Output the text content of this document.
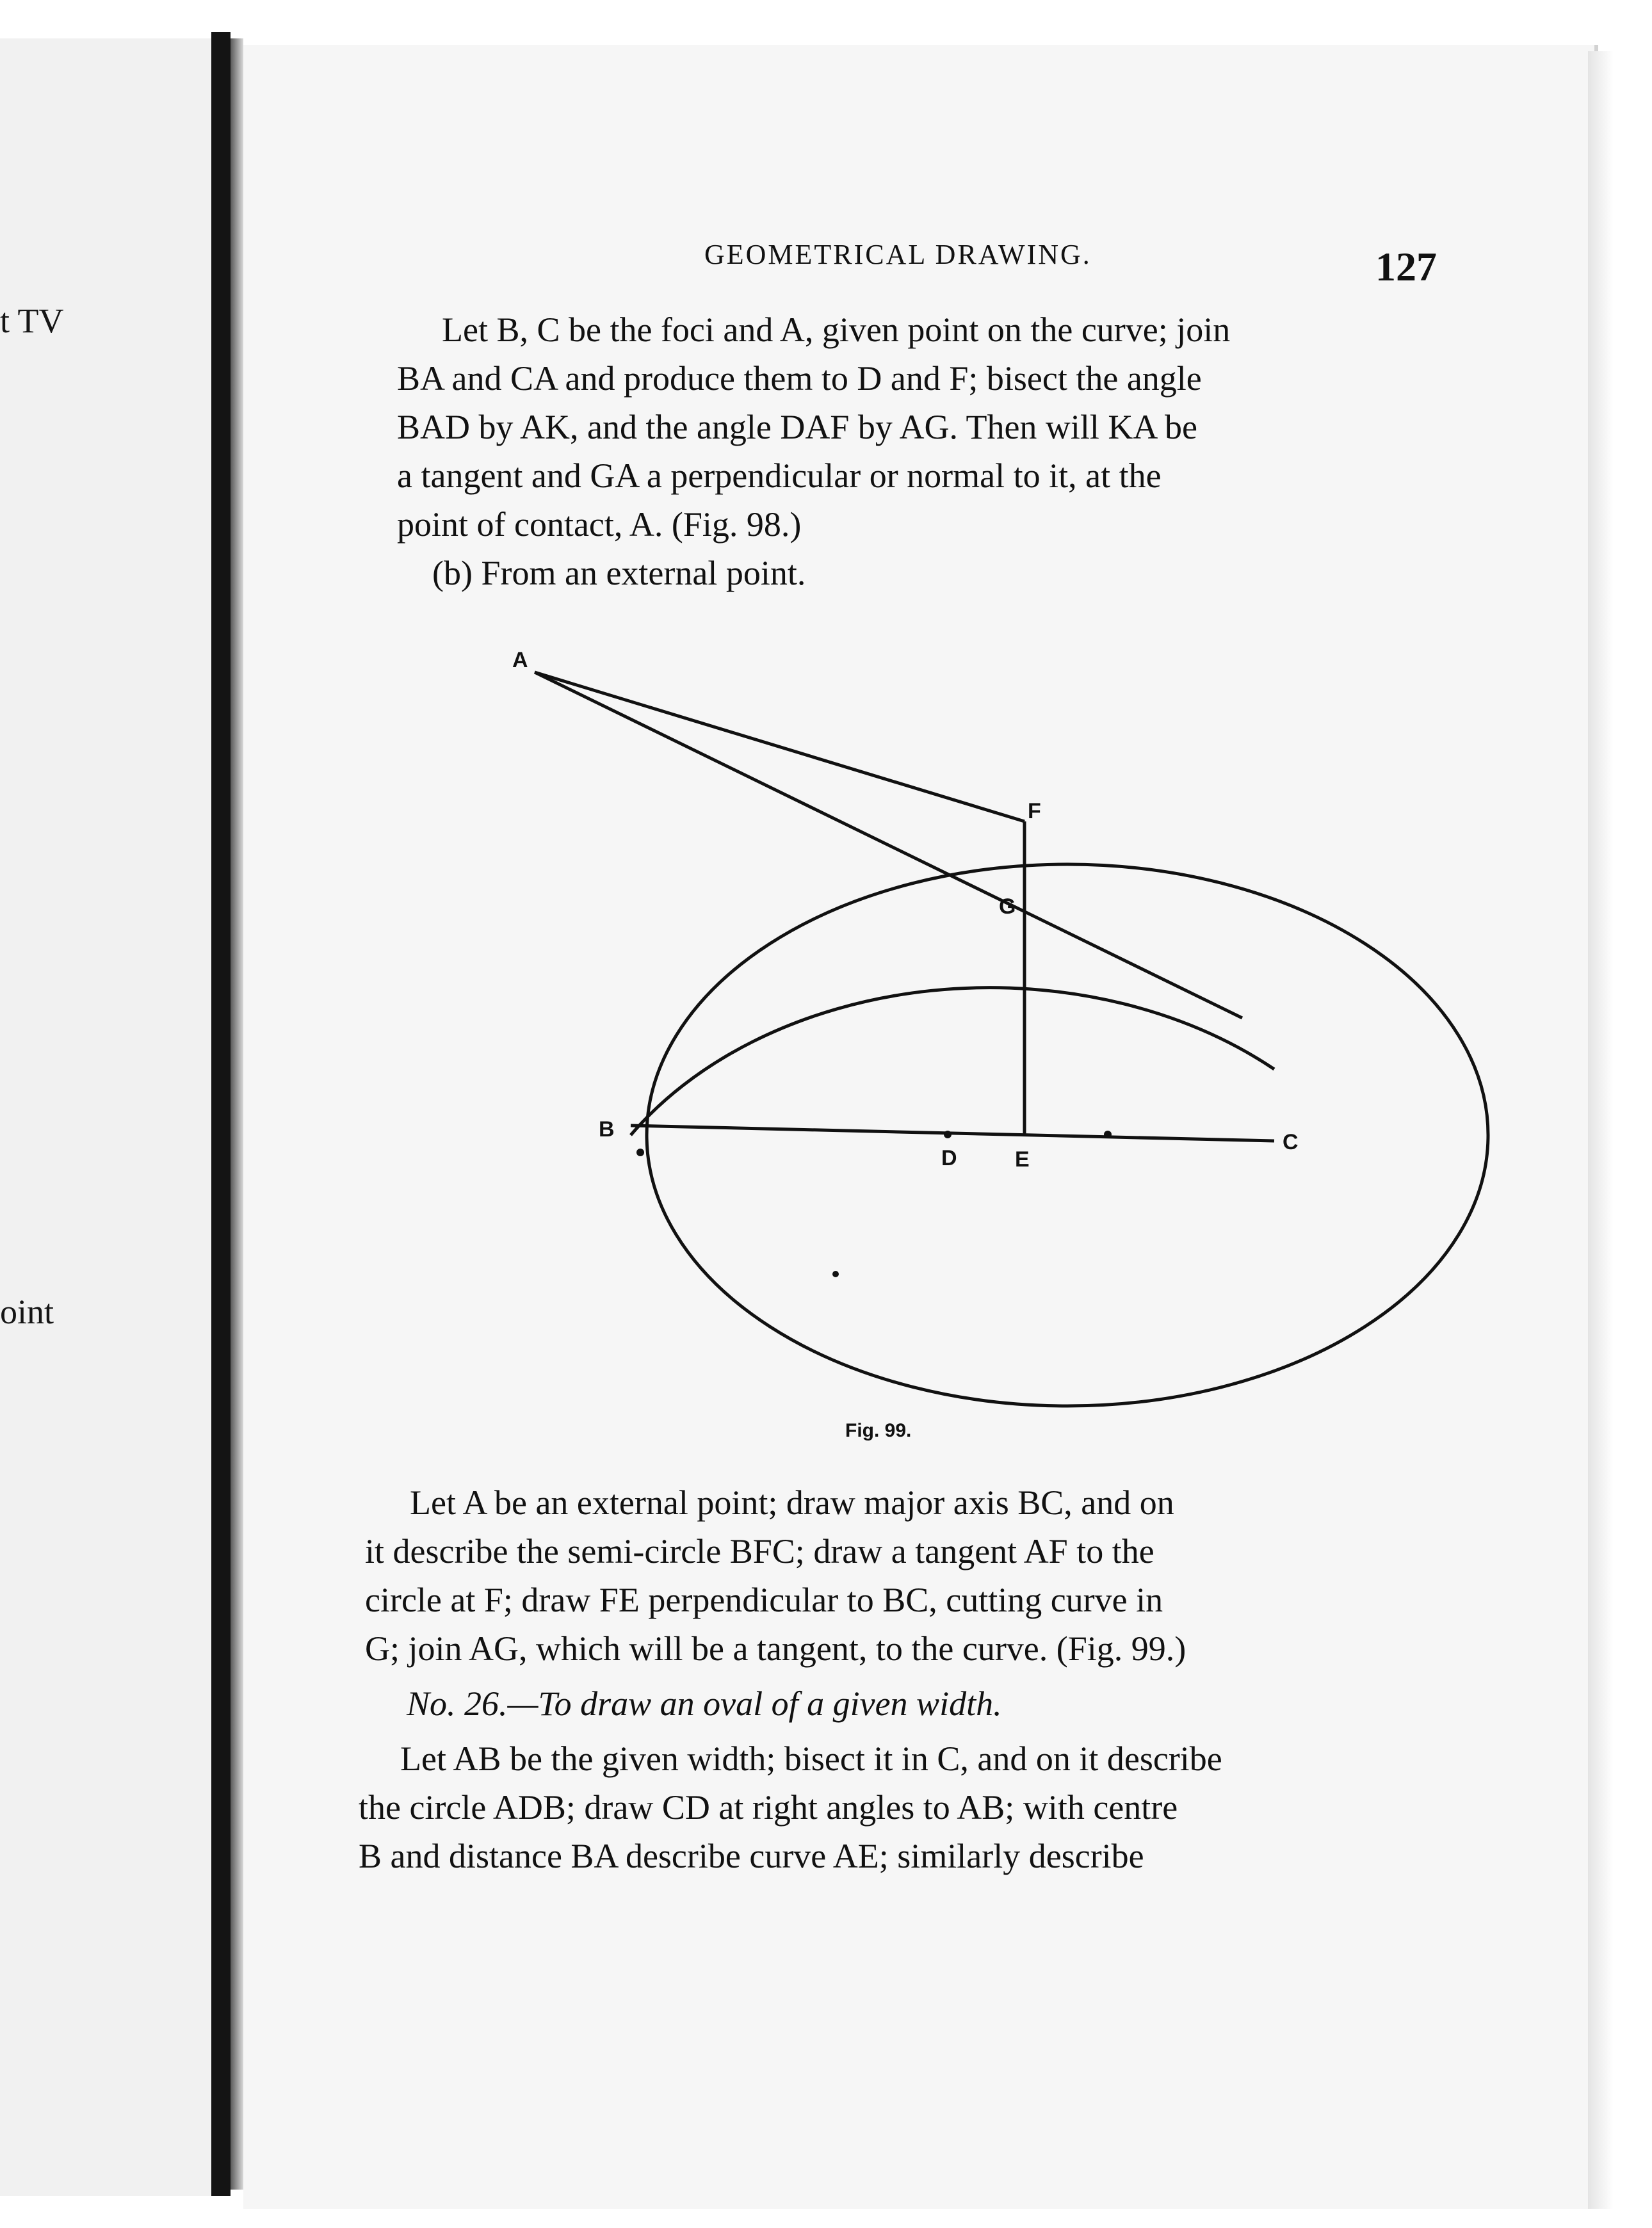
t TV
oint
GEOMETRICAL DRAWING.	127
Let B, C be the foci and A, given point on the curve; join
BA and CA and produce them to D and F; bisect the angle
BAD by AK, and the angle DAF by AG. Then will KA be
a tangent and GA a perpendicular or normal to it, at the
point of contact, A. (Fig. 98.)
(b) From an external point.
A
F
G
B
D	E
C
Fig. 99.
Let A be an external point; draw major axis BC, and on
it describe the semi-circle BFC; draw a tangent AF to the
circle at F; draw FE perpendicular to BC, cutting curve in
G; join AG, which will be a tangent, to the curve. (Fig. 99.)
No. 26.—To draw an oval of a given width.
Let AB be the given width; bisect it in C, and on it describe
the circle ADB; draw CD at right angles to AB; with centre
B and distance BA describe curve AE; similarly describe
